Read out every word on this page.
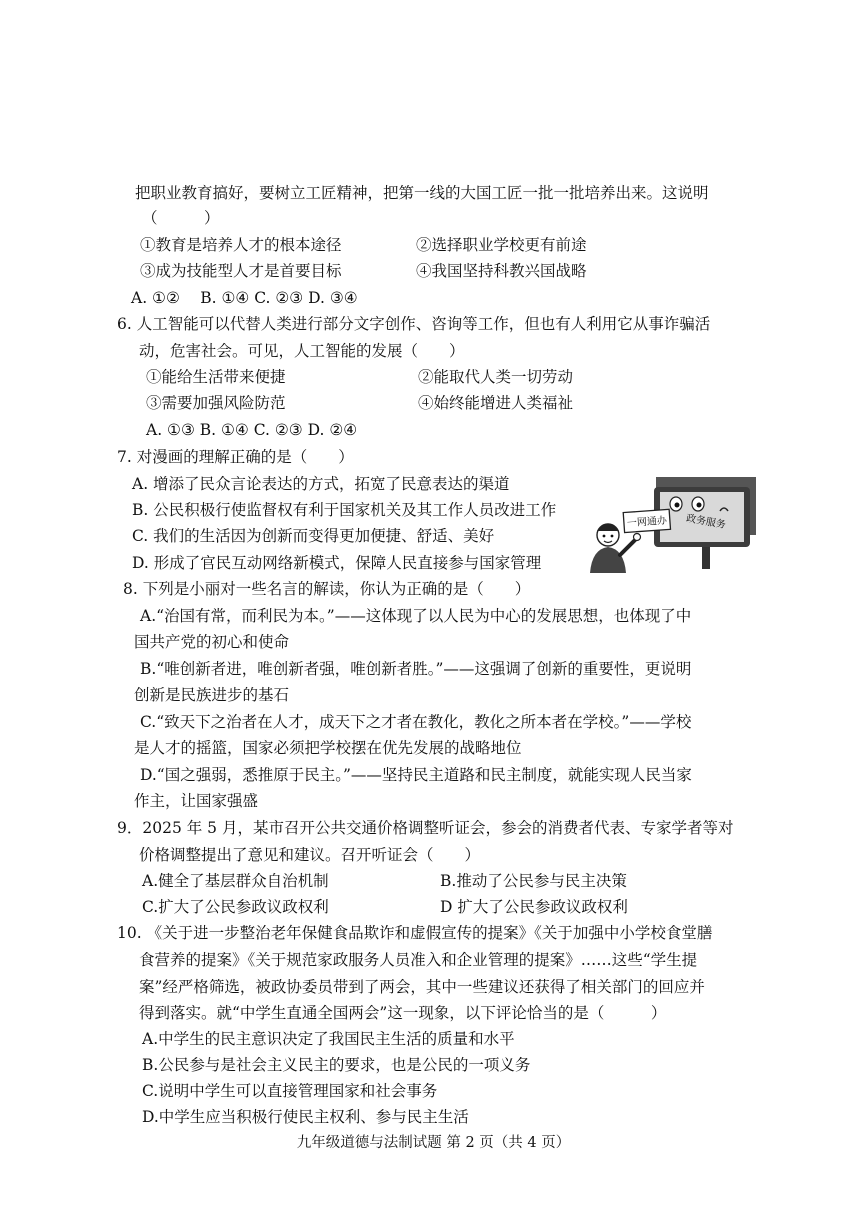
把职业教育搞好，要树立工匠精神，把第一线的大国工匠一批一批培养出来。这说明
（　　　）
①教育是培养人才的根本途径	②选择职业学校更有前途
③成为技能型人才是首要目标	④我国坚持科教兴国战略
A. ①②　 B. ①④ C. ②③ D. ③④
6. 人工智能可以代替人类进行部分文字创作、咨询等工作，但也有人利用它从事诈骗活
动，危害社会。可见，人工智能的发展（　　）
①能给生活带来便捷	②能取代人类一切劳动
③需要加强风险防范	④始终能增进人类福祉
A. ①③ B. ①④ C. ②③ D. ②④
7. 对漫画的理解正确的是（　　）
A. 增添了民众言论表达的方式，拓宽了民意表达的渠道
B. 公民积极行使监督权有利于国家机关及其工作人员改进工作
C. 我们的生活因为创新而变得更加便捷、舒适、美好
D. 形成了官民互动网络新模式，保障人民直接参与国家管理
一网通办 政务服务
8. 下列是小丽对一些名言的解读，你认为正确的是（　　）
A.“治国有常，而利民为本。”——这体现了以人民为中心的发展思想，也体现了中
国共产党的初心和使命
B.“唯创新者进，唯创新者强，唯创新者胜。”——这强调了创新的重要性，更说明
创新是民族进步的基石
C.“致天下之治者在人才，成天下之才者在教化，教化之所本者在学校。”——学校
是人才的摇篮，国家必须把学校摆在优先发展的战略地位
D.“国之强弱，悉推原于民主。”——坚持民主道路和民主制度，就能实现人民当家
作主，让国家强盛
9．2025 年 5 月，某市召开公共交通价格调整听证会，参会的消费者代表、专家学者等对
价格调整提出了意见和建议。召开听证会（　　）
A.健全了基层群众自治机制	B.推动了公民参与民主决策
C.扩大了公民参政议政权利	D 扩大了公民参政议政权利
10. 《关于进一步整治老年保健食品欺诈和虚假宣传的提案》《关于加强中小学校食堂膳
食营养的提案》《关于规范家政服务人员准入和企业管理的提案》……这些“学生提
案”经严格筛选，被政协委员带到了两会，其中一些建议还获得了相关部门的回应并
得到落实。就“中学生直通全国两会”这一现象，以下评论恰当的是（　　　）
A.中学生的民主意识决定了我国民主生活的质量和水平
B.公民参与是社会主义民主的要求，也是公民的一项义务
C.说明中学生可以直接管理国家和社会事务
D.中学生应当积极行使民主权利、参与民主生活
九年级道德与法制试题 第 2 页（共 4 页）
